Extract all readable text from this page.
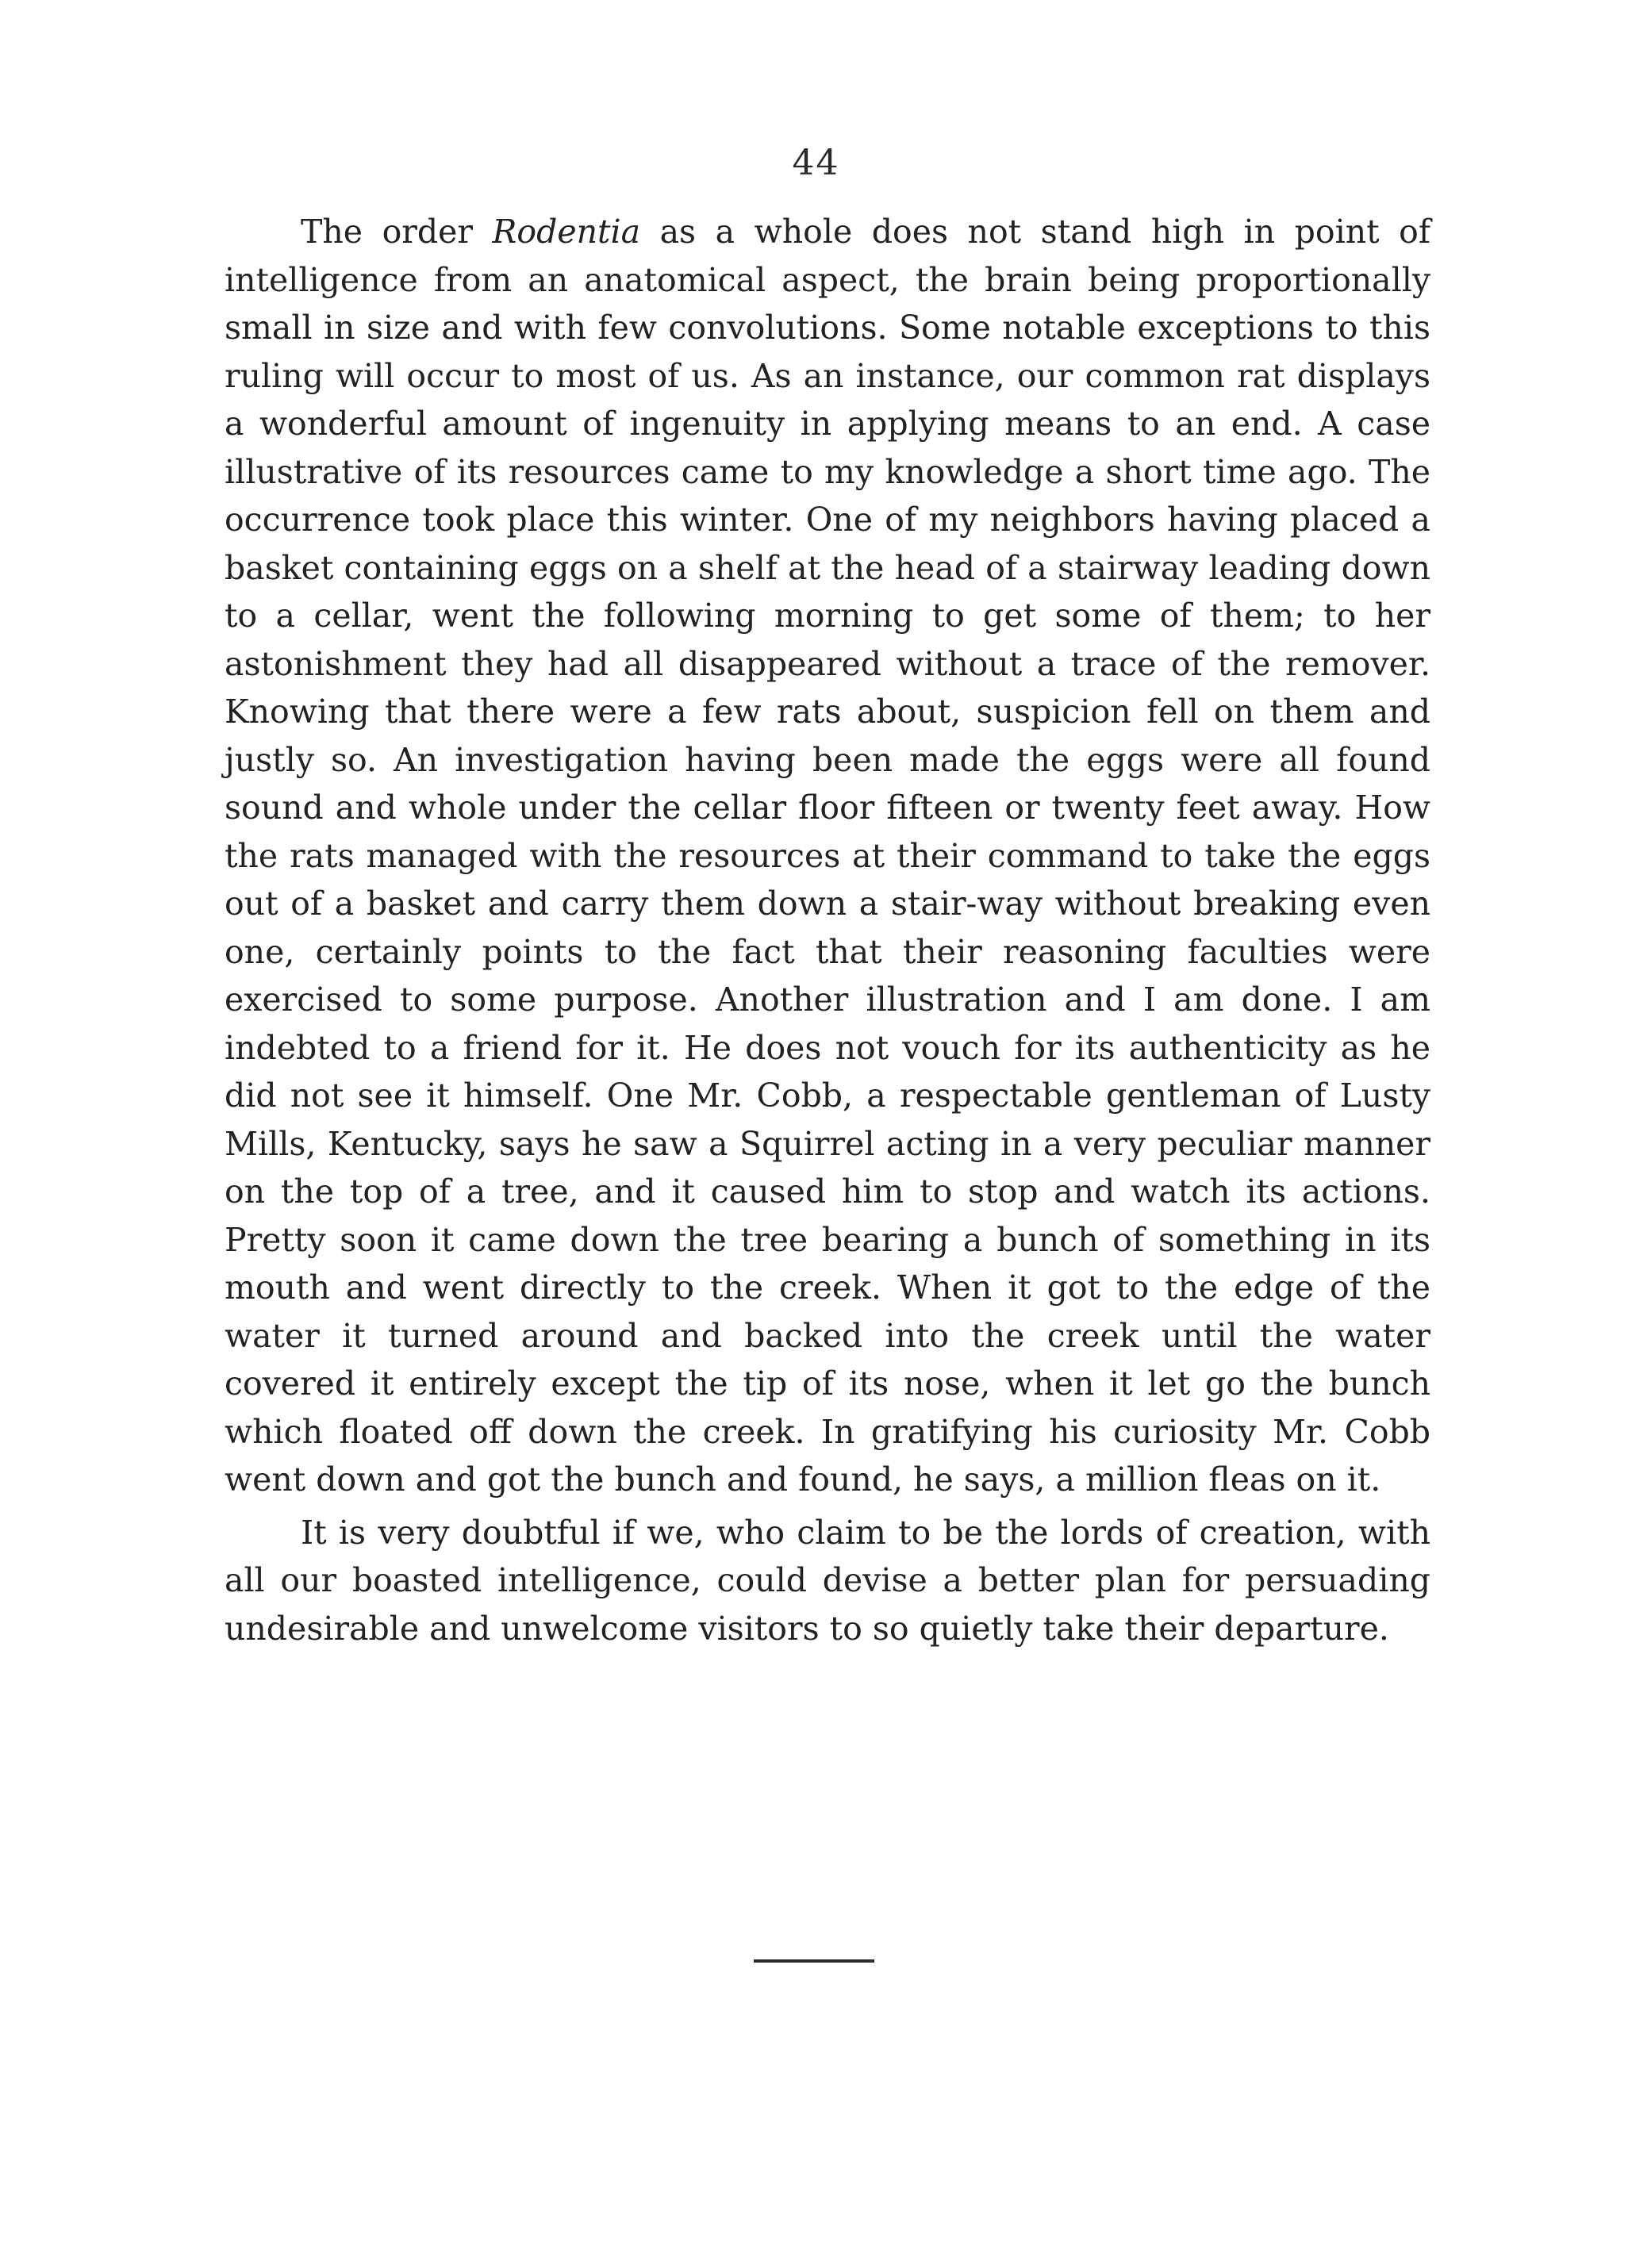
44

The order Rodentia as a whole does not stand high in point of intelligence from an anatomical aspect, the brain being proportionally small in size and with few convolutions. Some notable exceptions to this ruling will occur to most of us. As an instance, our common rat displays a wonderful amount of ingenuity in applying means to an end. A case illustrative of its resources came to my knowledge a short time ago. The occurrence took place this winter. One of my neighbors having placed a basket containing eggs on a shelf at the head of a stairway leading down to a cellar, went the following morning to get some of them; to her astonishment they had all disappeared without a trace of the remover. Knowing that there were a few rats about, suspicion fell on them and justly so. An investigation having been made the eggs were all found sound and whole under the cellar floor fifteen or twenty feet away. How the rats managed with the resources at their command to take the eggs out of a basket and carry them down a stair-way without breaking even one, certainly points to the fact that their reasoning faculties were exercised to some purpose. Another illustration and I am done. I am indebted to a friend for it. He does not vouch for its authenticity as he did not see it himself. One Mr. Cobb, a respectable gentleman of Lusty Mills, Kentucky, says he saw a Squirrel acting in a very peculiar manner on the top of a tree, and it caused him to stop and watch its actions. Pretty soon it came down the tree bearing a bunch of something in its mouth and went directly to the creek. When it got to the edge of the water it turned around and backed into the creek until the water covered it entirely except the tip of its nose, when it let go the bunch which floated off down the creek. In gratifying his curiosity Mr. Cobb went down and got the bunch and found, he says, a million fleas on it.

It is very doubtful if we, who claim to be the lords of creation, with all our boasted intelligence, could devise a better plan for persuading undesirable and unwelcome visitors to so quietly take their departure.
